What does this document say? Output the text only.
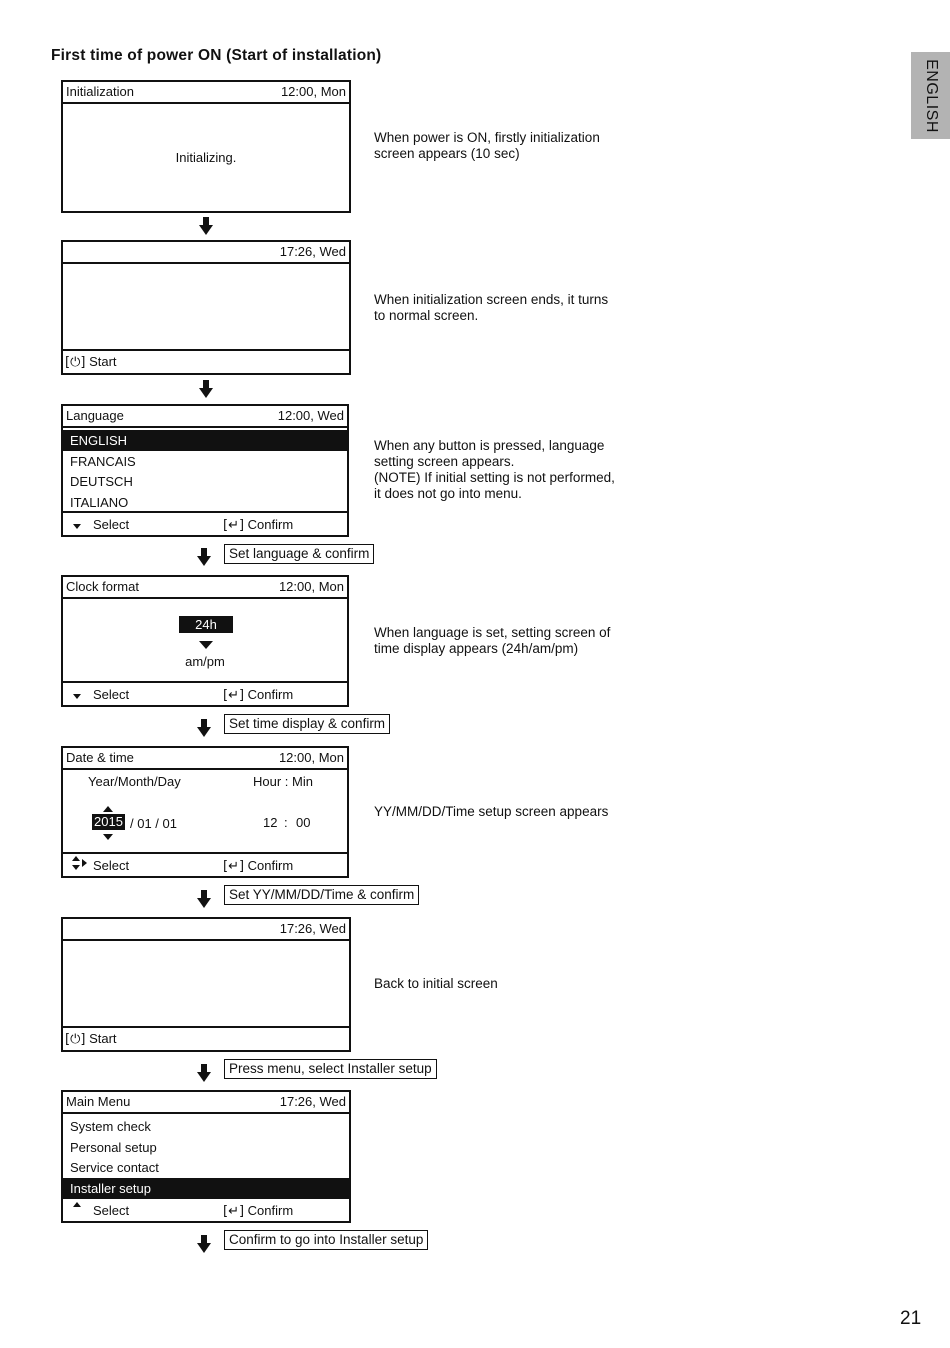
First time of power ON (Start of installation)
ENGLISH
21
Initialization	12:00, Mon
Initializing.
When power is ON, firstly initialization
screen appears (10 sec)
17:26, Wed
[⏻] Start
When initialization screen ends, it turns
to normal screen.
Language	12:00, Wed
ENGLISH
FRANCAIS
DEUTSCH
ITALIANO
Select	[↵] Confirm
When any button is pressed, language
setting screen appears.
(NOTE) If initial setting is not performed,
it does not go into menu.
Set language & confirm
Clock format	12:00, Mon
24h
am/pm
Select	[↵] Confirm
When language is set, setting screen of
time display appears (24h/am/pm)
Set time display & confirm
Date & time	12:00, Mon
Year/Month/Day	Hour : Min
2015 / 01 / 01	12 : 00
Select	[↵] Confirm
YY/MM/DD/Time setup screen appears
Set YY/MM/DD/Time & confirm
17:26, Wed
[⏻] Start
Back to initial screen
Press menu, select Installer setup
Main Menu	17:26, Wed
System check
Personal setup
Service contact
Installer setup
Select	[↵] Confirm
Confirm to go into Installer setup
